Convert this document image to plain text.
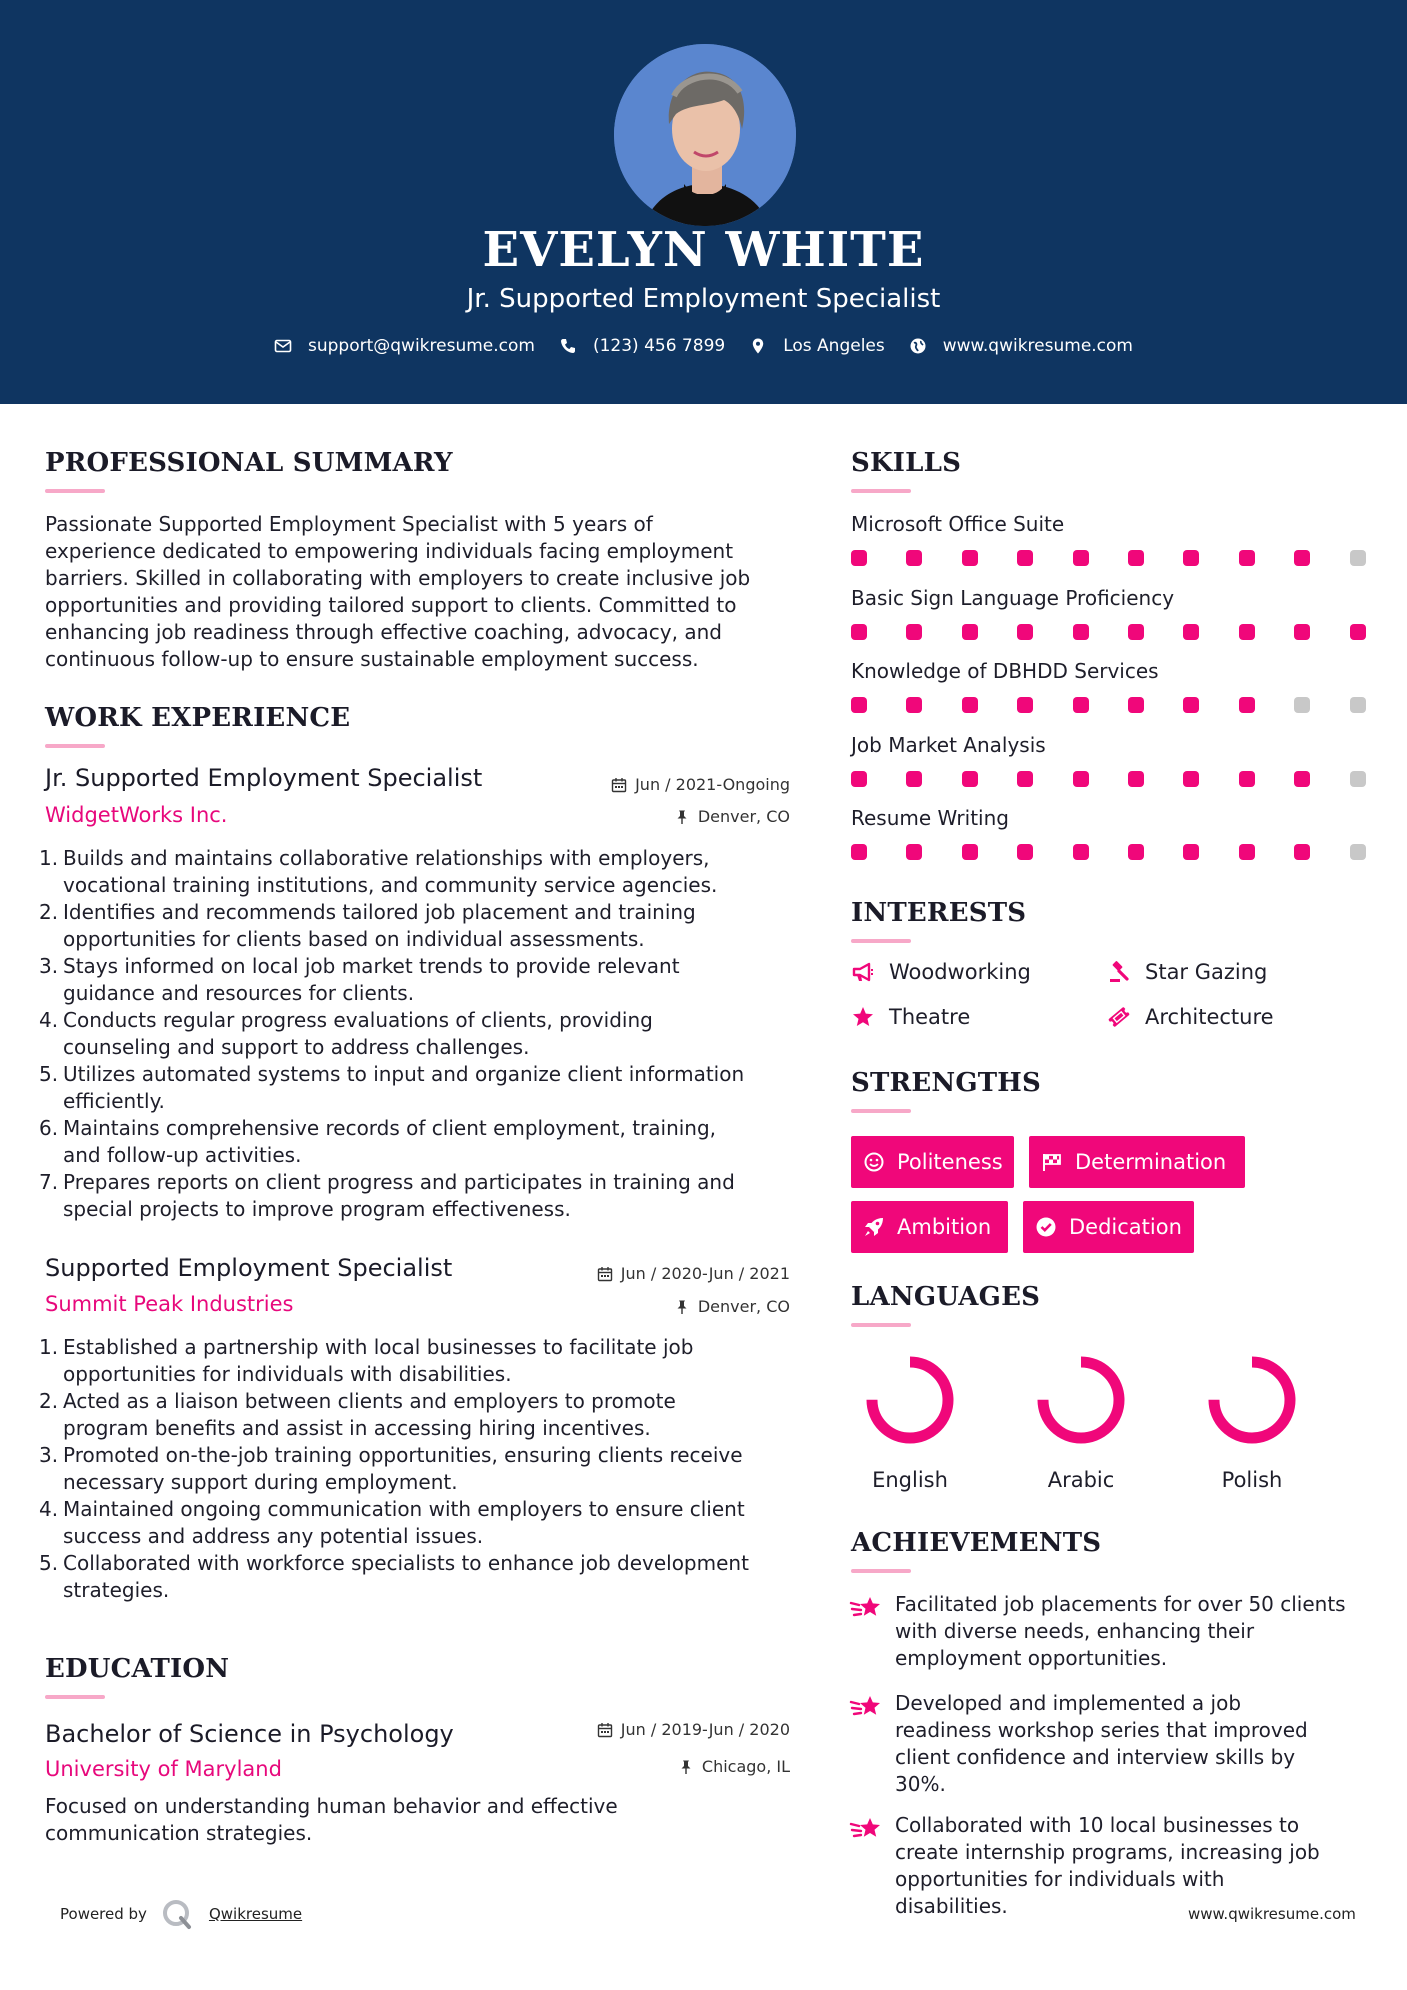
EVELYN WHITE
Jr. Supported Employment Specialist
support@qwikresume.com	(123) 456 7899	Los Angeles	www.qwikresume.com
PROFESSIONAL SUMMARY
Passionate Supported Employment Specialist with 5 years of
experience dedicated to empowering individuals facing employment
barriers. Skilled in collaborating with employers to create inclusive job
opportunities and providing tailored support to clients. Committed to
enhancing job readiness through effective coaching, advocacy, and
continuous follow-up to ensure sustainable employment success.
WORK EXPERIENCE
Jr. Supported Employment Specialist	Jun / 2021-Ongoing
WidgetWorks Inc.	Denver, CO
1. Builds and maintains collaborative relationships with employers,
vocational training institutions, and community service agencies.
2. Identifies and recommends tailored job placement and training
opportunities for clients based on individual assessments.
3. Stays informed on local job market trends to provide relevant
guidance and resources for clients.
4. Conducts regular progress evaluations of clients, providing
counseling and support to address challenges.
5. Utilizes automated systems to input and organize client information
efficiently.
6. Maintains comprehensive records of client employment, training,
and follow-up activities.
7. Prepares reports on client progress and participates in training and
special projects to improve program effectiveness.
Supported Employment Specialist	Jun / 2020-Jun / 2021
Summit Peak Industries	Denver, CO
1. Established a partnership with local businesses to facilitate job
opportunities for individuals with disabilities.
2. Acted as a liaison between clients and employers to promote
program benefits and assist in accessing hiring incentives.
3. Promoted on-the-job training opportunities, ensuring clients receive
necessary support during employment.
4. Maintained ongoing communication with employers to ensure client
success and address any potential issues.
5. Collaborated with workforce specialists to enhance job development
strategies.
EDUCATION
Bachelor of Science in Psychology	Jun / 2019-Jun / 2020
University of Maryland	Chicago, IL
Focused on understanding human behavior and effective
communication strategies.
SKILLS
Microsoft Office Suite
Basic Sign Language Proficiency
Knowledge of DBHDD Services
Job Market Analysis
Resume Writing
INTERESTS
Woodworking	Star Gazing
Theatre	Architecture
STRENGTHS
Politeness	Determination
Ambition	Dedication
LANGUAGES
English	Arabic	Polish
ACHIEVEMENTS
Facilitated job placements for over 50 clients
with diverse needs, enhancing their
employment opportunities.
Developed and implemented a job
readiness workshop series that improved
client confidence and interview skills by
30%.
Collaborated with 10 local businesses to
create internship programs, increasing job
opportunities for individuals with
disabilities.
Powered by	Qwikresume	www.qwikresume.com
